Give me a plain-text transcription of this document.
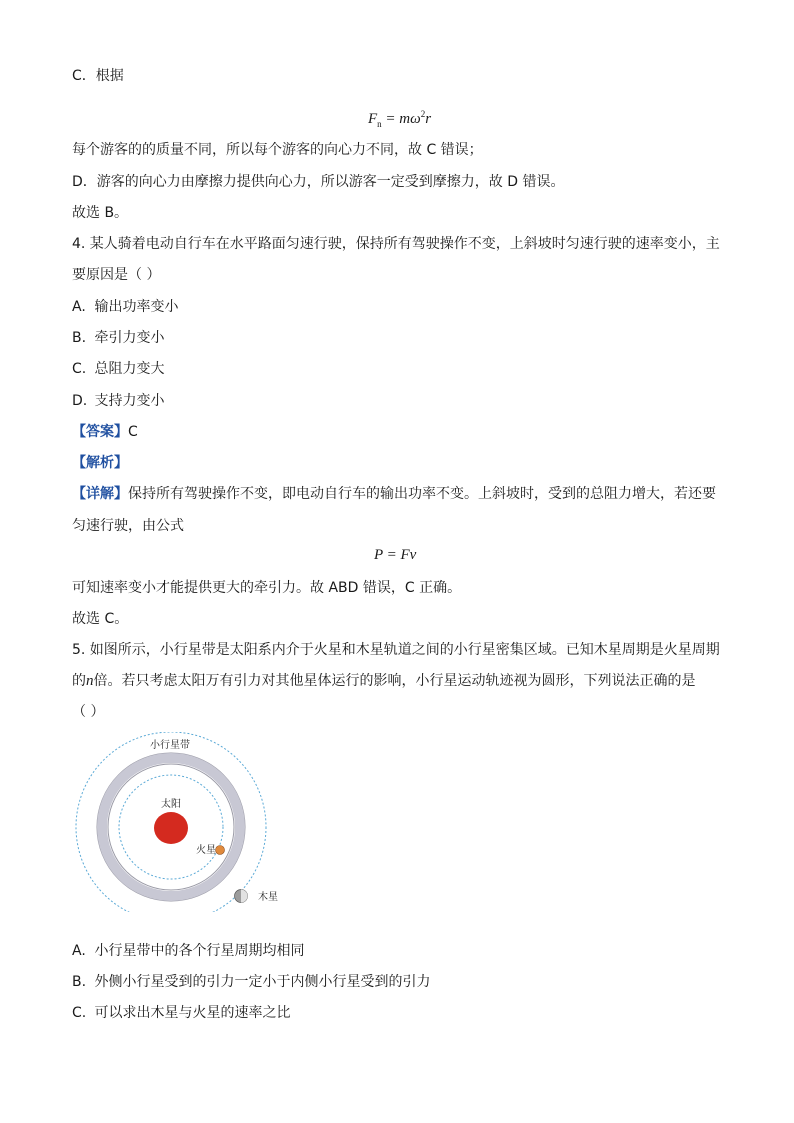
C．根据
$F_n = m\omega^2r$
每个游客的的质量不同，所以每个游客的向心力不同，故 C 错误；
D．游客的向心力由摩擦力提供向心力，所以游客一定受到摩擦力，故 D 错误。
故选 B。
4. 某人骑着电动自行车在水平路面匀速行驶，保持所有驾驶操作不变，上斜坡时匀速行驶的速率变小，主
要原因是（ ）
A. 输出功率变小
B. 牵引力变小
C. 总阻力变大
D. 支持力变小
【答案】C
【解析】
【详解】保持所有驾驶操作不变，即电动自行车的输出功率不变。上斜坡时，受到的总阻力增大，若还要
匀速行驶，由公式
P = Fv
可知速率变小才能提供更大的牵引力。故 ABD 错误，C 正确。
故选 C。
5. 如图所示，小行星带是太阳系内介于火星和木星轨道之间的小行星密集区域。已知木星周期是火星周期
的n倍。若只考虑太阳万有引力对其他星体运行的影响，小行星运动轨迹视为圆形，下列说法正确的是
（ ）
小行星带
太阳
火星
木星
A. 小行星带中的各个行星周期均相同
B. 外侧小行星受到的引力一定小于内侧小行星受到的引力
C. 可以求出木星与火星的速率之比
